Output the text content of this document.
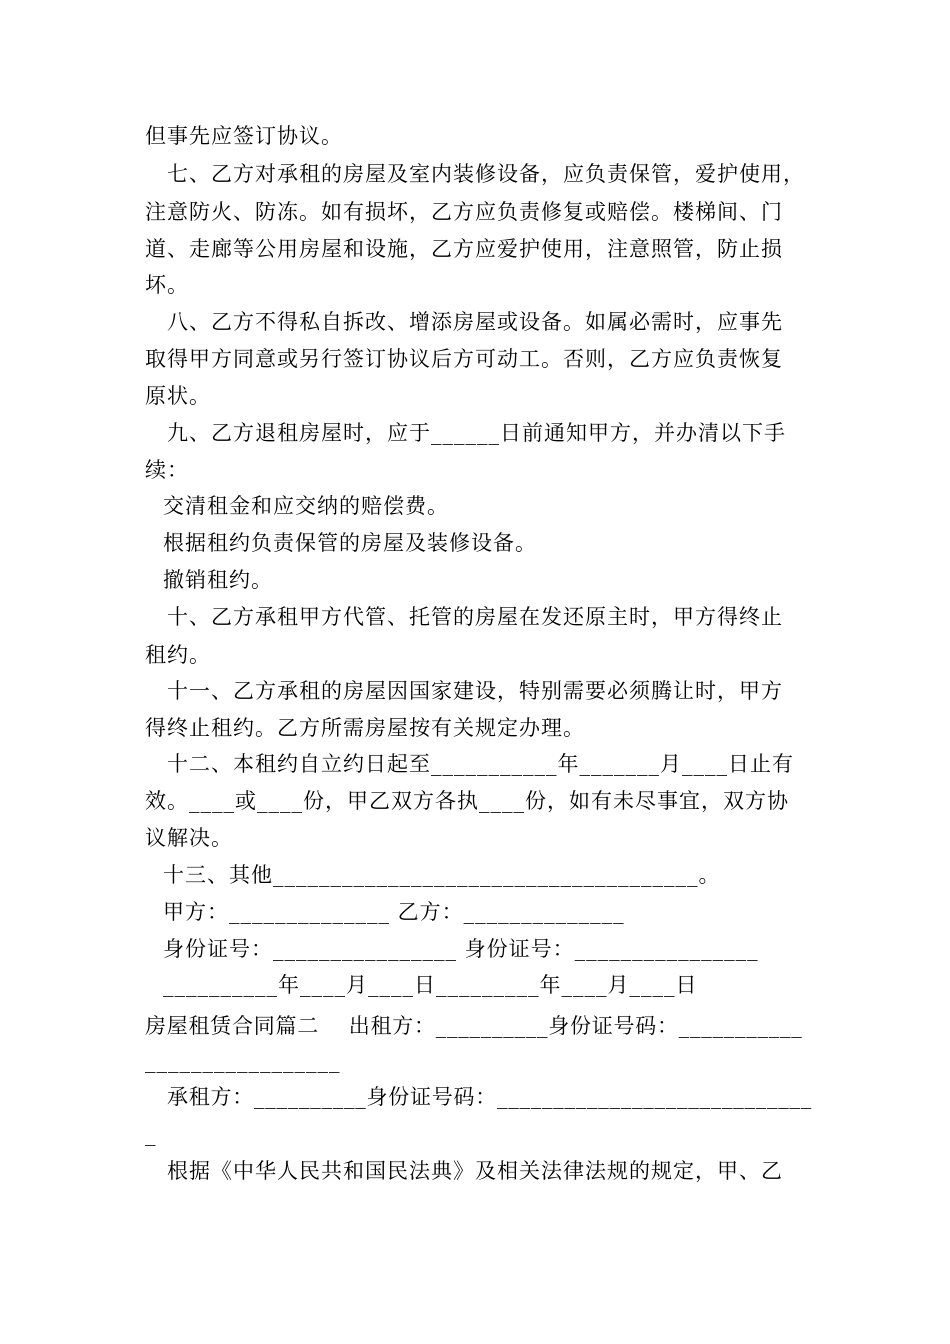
但事先应签订协议。
七、乙方对承租的房屋及室内装修设备，应负责保管，爱护使用，
注意防火、防冻。如有损坏，乙方应负责修复或赔偿。楼梯间、门
道、走廊等公用房屋和设施，乙方应爱护使用，注意照管，防止损
坏。
八、乙方不得私自拆改、增添房屋或设备。如属必需时，应事先
取得甲方同意或另行签订协议后方可动工。否则，乙方应负责恢复
原状。
九、乙方退租房屋时，应于______日前通知甲方，并办清以下手
续：
交清租金和应交纳的赔偿费。
根据租约负责保管的房屋及装修设备。
撤销租约。
十、乙方承租甲方代管、托管的房屋在发还原主时，甲方得终止
租约。
十一、乙方承租的房屋因国家建设，特别需要必须腾让时，甲方
得终止租约。乙方所需房屋按有关规定办理。
十二、本租约自立约日起至___________年_______月____日止有
效。____或____份，甲乙双方各执____份，如有未尽事宜，双方协
议解决。
十三、其他_____________________________________。
甲方：______________ 乙方：______________
身份证号：________________ 身份证号：________________
__________年____月____日_________年____月____日
房屋租赁合同篇二    出租方：__________身份证号码：___________
_________________
承租方：__________身份证号码：____________________________
_
根据《中华人民共和国民法典》及相关法律法规的规定，甲、乙
